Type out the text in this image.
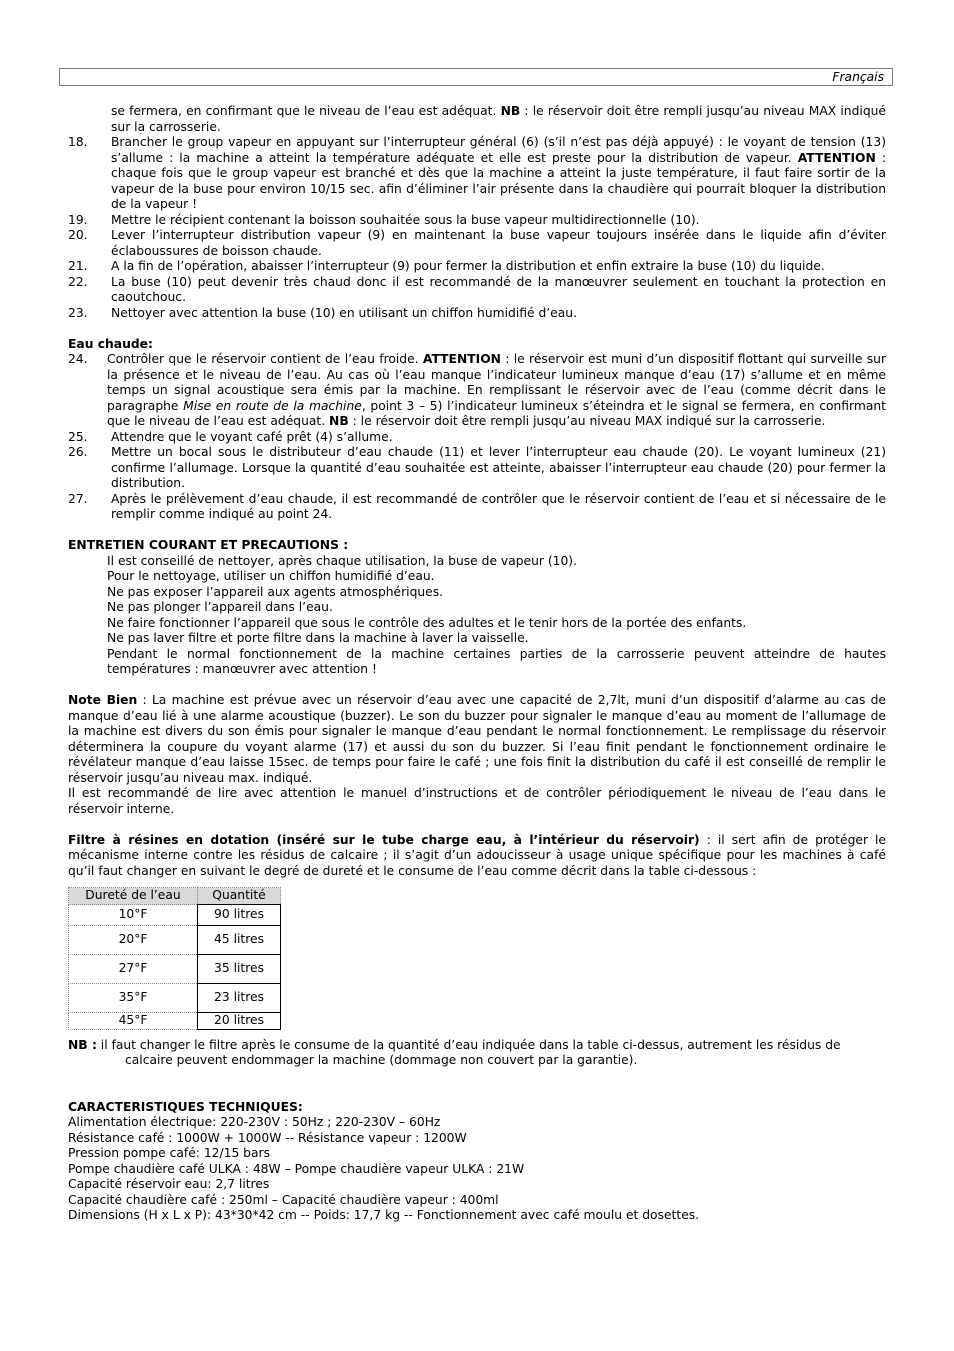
Français
se fermera, en confirmant que le niveau de l’eau est adéquat. NB : le réservoir doit être rempli jusqu’au niveau MAX indiqué sur la carrosserie.
18. Brancher le group vapeur en appuyant sur l’interrupteur général (6) (s’il n’est pas déjà appuyé) : le voyant de tension (13) s’allume : la machine a atteint la température adéquate et elle est preste pour la distribution de vapeur. ATTENTION : chaque fois que le group vapeur est branché et dès que la machine a atteint la juste température, il faut faire sortir de la vapeur de la buse pour environ 10/15 sec. afin d’éliminer l’air présente dans la chaudière qui pourrait bloquer la distribution de la vapeur !
19. Mettre le récipient contenant la boisson souhaitée sous la buse vapeur multidirectionnelle (10).
20. Lever l’interrupteur distribution vapeur (9) en maintenant la buse vapeur toujours insérée dans le liquide afin d’éviter éclaboussures de boisson chaude.
21. A la fin de l’opération, abaisser l’interrupteur (9) pour fermer la distribution et enfin extraire la buse (10) du liquide.
22. La buse (10) peut devenir très chaud donc il est recommandé de la manœuvrer seulement en touchant la protection en caoutchouc.
23. Nettoyer avec attention la buse (10) en utilisant un chiffon humidifié d’eau.
Eau chaude:
24. Contrôler que le réservoir contient de l’eau froide. ATTENTION : le réservoir est muni d’un dispositif flottant qui surveille sur la présence et le niveau de l’eau. Au cas où l’eau manque l’indicateur lumineux manque d’eau (17) s’allume et en même temps un signal acoustique sera émis par la machine. En remplissant le réservoir avec de l’eau (comme décrit dans le paragraphe Mise en route de la machine, point 3 – 5) l’indicateur lumineux s’éteindra et le signal se fermera, en confirmant que le niveau de l’eau est adéquat. NB : le réservoir doit être rempli jusqu’au niveau MAX indiqué sur la carrosserie.
25. Attendre que le voyant café prêt (4) s’allume.
26. Mettre un bocal sous le distributeur d’eau chaude (11) et lever l’interrupteur eau chaude (20). Le voyant lumineux (21) confirme l’allumage. Lorsque la quantité d’eau souhaitée est atteinte, abaisser l’interrupteur eau chaude (20) pour fermer la distribution.
27. Après le prélèvement d’eau chaude, il est recommandé de contrôler que le réservoir contient de l’eau et si nécessaire de le remplir comme indiqué au point 24.
ENTRETIEN COURANT ET PRECAUTIONS :
Il est conseillé de nettoyer, après chaque utilisation, la buse de vapeur (10).
Pour le nettoyage, utiliser un chiffon humidifié d’eau.
Ne pas exposer l’appareil aux agents atmosphériques.
Ne pas plonger l’appareil dans l’eau.
Ne faire fonctionner l’appareil que sous le contrôle des adultes et le tenir hors de la portée des enfants.
Ne pas laver filtre et porte filtre dans la machine à laver la vaisselle.
Pendant le normal fonctionnement de la machine certaines parties de la carrosserie peuvent atteindre de hautes températures : manœuvrer avec attention !
Note Bien : La machine est prévue avec un réservoir d’eau avec une capacité de 2,7lt, muni d’un dispositif d’alarme au cas de manque d’eau lié à une alarme acoustique (buzzer). Le son du buzzer pour signaler le manque d’eau au moment de l’allumage de la machine est divers du son émis pour signaler le manque d’eau pendant le normal fonctionnement. Le remplissage du réservoir déterminera la coupure du voyant alarme (17) et aussi du son du buzzer. Si l’eau finit pendant le fonctionnement ordinaire le révélateur manque d’eau laisse 15sec. de temps pour faire le café ; une fois finit la distribution du café il est conseillé de remplir le réservoir jusqu’au niveau max. indiqué.
Il est recommandé de lire avec attention le manuel d’instructions et de contrôler périodiquement le niveau de l’eau dans le réservoir interne.
Filtre à résines en dotation (inséré sur le tube charge eau, à l’intérieur du réservoir) : il sert afin de protéger le mécanisme interne contre les résidus de calcaire ; il s’agit d’un adoucisseur à usage unique spécifique pour les machines à café qu’il faut changer en suivant le degré de dureté et le consume de l’eau comme décrit dans la table ci-dessous :
Dureté de l’eau	Quantité
10°F	90 litres
20°F	45 litres
27°F	35 litres
35°F	23 litres
45°F	20 litres
NB : il faut changer le filtre après le consume de la quantité d’eau indiquée dans la table ci-dessus, autrement les résidus de calcaire peuvent endommager la machine (dommage non couvert par la garantie).
CARACTERISTIQUES TECHNIQUES:
Alimentation électrique: 220-230V : 50Hz ; 220-230V – 60Hz
Résistance café : 1000W + 1000W -- Résistance vapeur : 1200W
Pression pompe café: 12/15 bars
Pompe chaudière café ULKA : 48W – Pompe chaudière vapeur ULKA : 21W
Capacité réservoir eau: 2,7 litres
Capacité chaudière café : 250ml – Capacité chaudière vapeur : 400ml
Dimensions (H x L x P): 43*30*42 cm -- Poids: 17,7 kg -- Fonctionnement avec café moulu et dosettes.
